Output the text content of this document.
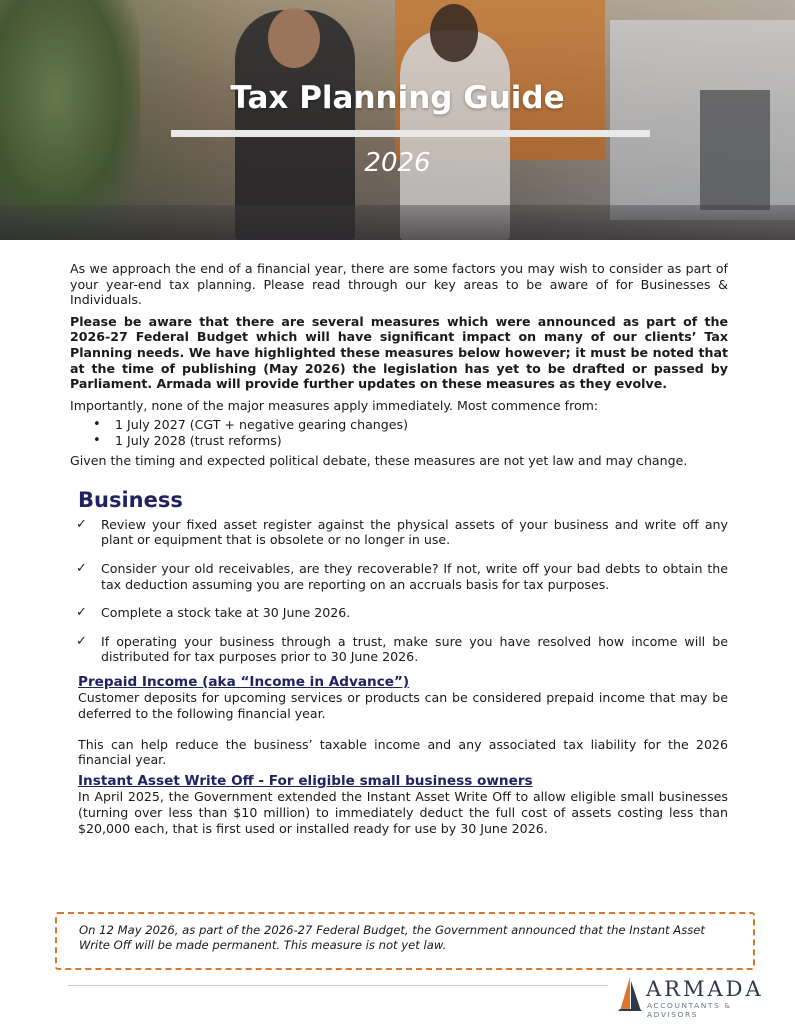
Tax Planning Guide
2026

As we approach the end of a financial year, there are some factors you may wish to consider as part of your year-end tax planning. Please read through our key areas to be aware of for Businesses & Individuals.

Please be aware that there are several measures which were announced as part of the 2026-27 Federal Budget which will have significant impact on many of our clients’ Tax Planning needs. We have highlighted these measures below however; it must be noted that at the time of publishing (May 2026) the legislation has yet to be drafted or passed by Parliament. Armada will provide further updates on these measures as they evolve.

Importantly, none of the major measures apply immediately. Most commence from:

• 1 July 2027 (CGT + negative gearing changes)
• 1 July 2028 (trust reforms)

Given the timing and expected political debate, these measures are not yet law and may change.

Business
✓ Review your fixed asset register against the physical assets of your business and write off any plant or equipment that is obsolete or no longer in use.
✓ Consider your old receivables, are they recoverable? If not, write off your bad debts to obtain the tax deduction assuming you are reporting on an accruals basis for tax purposes.
✓ Complete a stock take at 30 June 2026.
✓ If operating your business through a trust, make sure you have resolved how income will be distributed for tax purposes prior to 30 June 2026.
Prepaid Income (aka “Income in Advance”)

Customer deposits for upcoming services or products can be considered prepaid income that may be deferred to the following financial year.

This can help reduce the business’ taxable income and any associated tax liability for the 2026 financial year.

Instant Asset Write Off - For eligible small business owners

In April 2025, the Government extended the Instant Asset Write Off to allow eligible small businesses (turning over less than $10 million) to immediately deduct the full cost of assets costing less than $20,000 each, that is first used or installed ready for use by 30 June 2026.

On 12 May 2026, as part of the 2026-27 Federal Budget, the Government announced that the Instant Asset Write Off will be made permanent. This measure is not yet law.
ARMADA
ACCOUNTANTS & ADVISORS
